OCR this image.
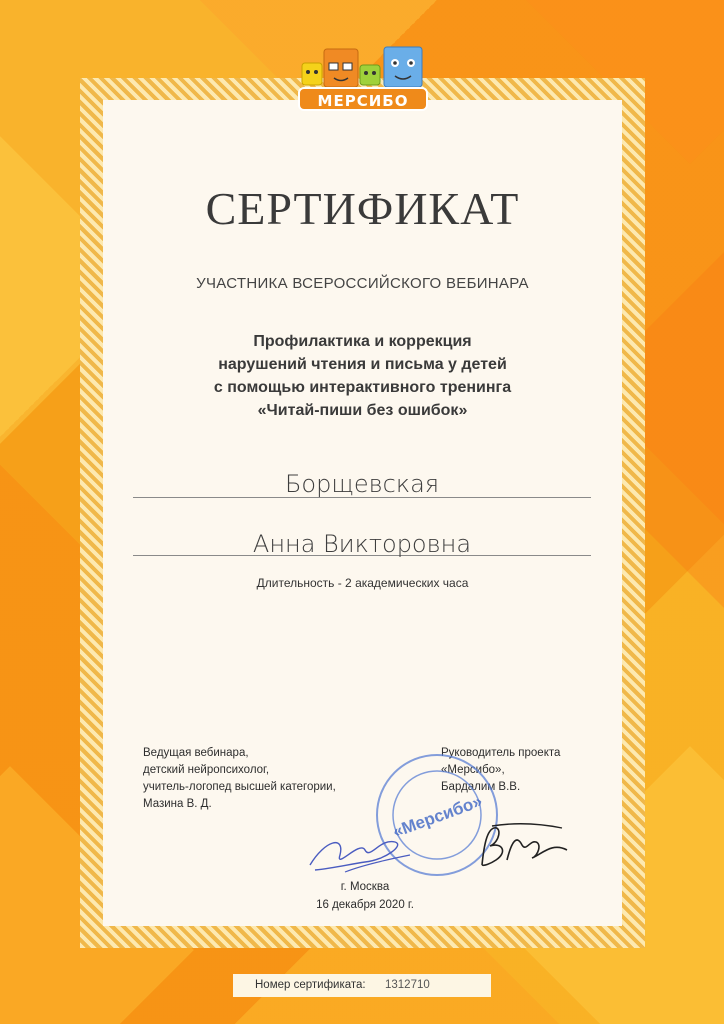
МЕРСИБО
СЕРТИФИКАТ
УЧАСТНИКА ВСЕРОССИЙСКОГО ВЕБИНАРА
Профилактика и коррекция
нарушений чтения и письма у детей
с помощью интерактивного тренинга
«Читай-пиши без ошибок»
Борщевская
Анна Викторовна
Длительность - 2 академических часа
Ведущая вебинара,
детский нейропсихолог,
учитель-логопед высшей категории,
Мазина В. Д.
Руководитель проекта
«Мерсибо»,
Бардалим В.В.
«Мерсибо»
г. Москва
16 декабря 2020 г.
Номер сертификата: 1312710
